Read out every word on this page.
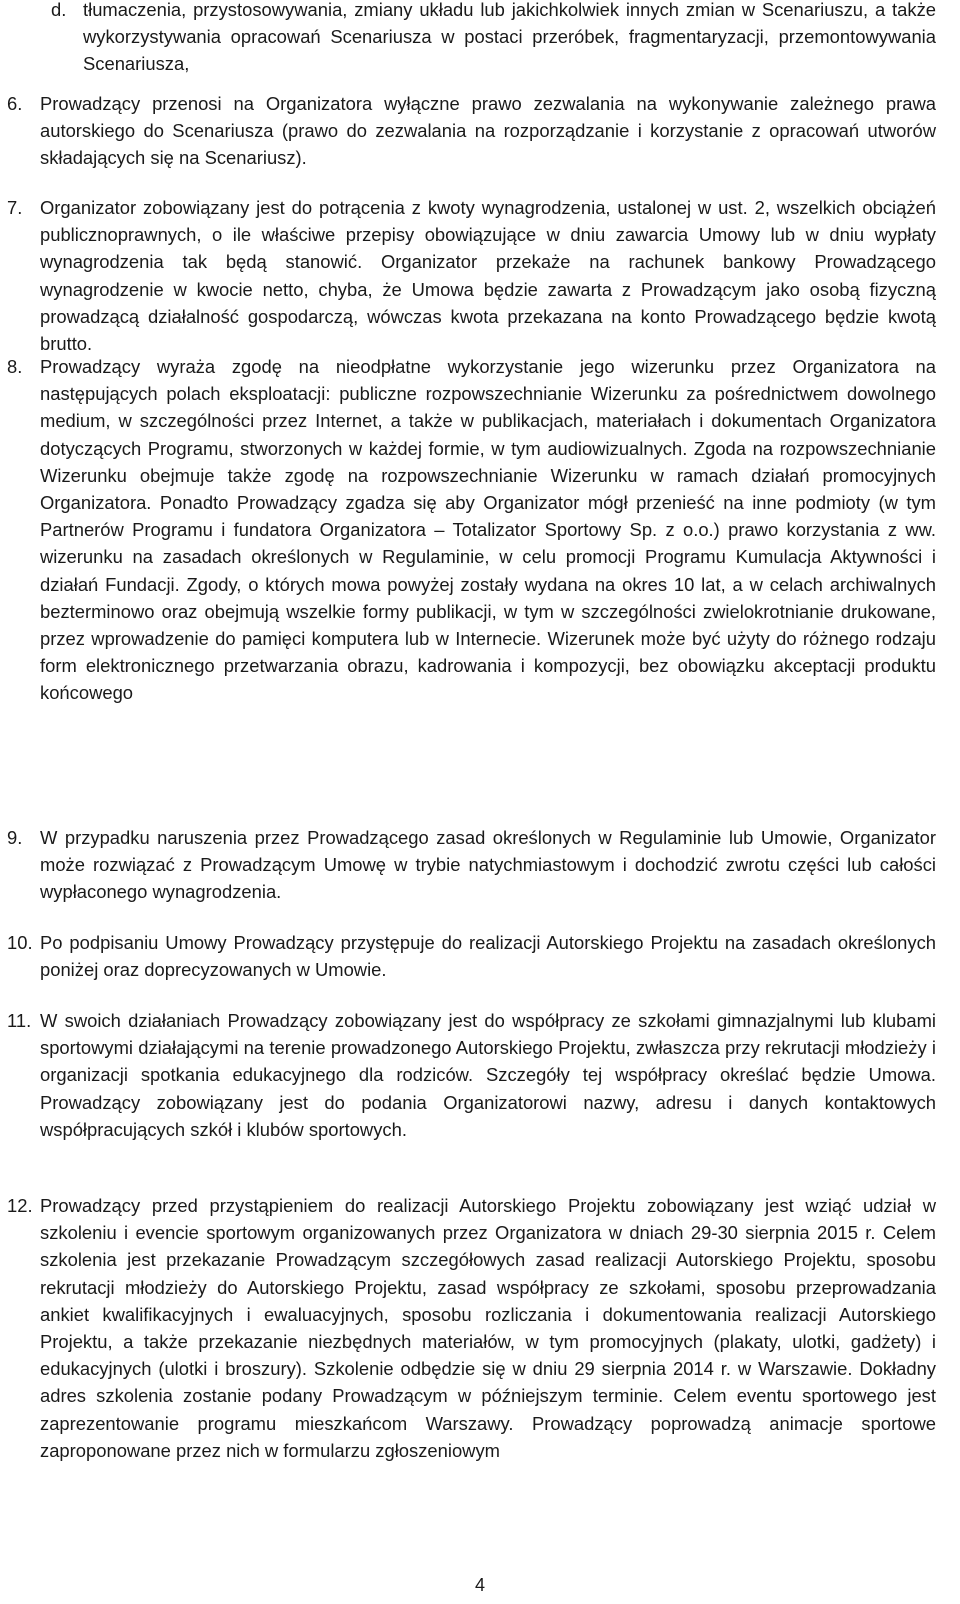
d. tłumaczenia, przystosowywania, zmiany układu lub jakichkolwiek innych zmian w Scenariuszu, a także wykorzystywania opracowań Scenariusza w postaci przeróbek, fragmentaryzacji, przemontowywania Scenariusza,
6. Prowadzący przenosi na Organizatora wyłączne prawo zezwalania na wykonywanie zależnego prawa autorskiego do Scenariusza (prawo do zezwalania na rozporządzanie i korzystanie z opracowań utworów składających się na Scenariusz).
7. Organizator zobowiązany jest do potrącenia z kwoty wynagrodzenia, ustalonej w ust. 2, wszelkich obciążeń publicznoprawnych, o ile właściwe przepisy obowiązujące w dniu zawarcia Umowy lub w dniu wypłaty wynagrodzenia tak będą stanowić. Organizator przekaże na rachunek bankowy Prowadzącego wynagrodzenie w kwocie netto, chyba, że Umowa będzie zawarta z Prowadzącym jako osobą fizyczną prowadzącą działalność gospodarczą, wówczas kwota przekazana na konto Prowadzącego będzie kwotą brutto.
8. Prowadzący wyraża zgodę na nieodpłatne wykorzystanie jego wizerunku przez Organizatora na następujących polach eksploatacji: publiczne rozpowszechnianie Wizerunku za pośrednictwem dowolnego medium, w szczególności przez Internet, a także w publikacjach, materiałach i dokumentach Organizatora dotyczących Programu, stworzonych w każdej formie, w tym audiowizualnych. Zgoda na rozpowszechnianie Wizerunku obejmuje także zgodę na rozpowszechnianie Wizerunku w ramach działań promocyjnych Organizatora. Ponadto Prowadzący zgadza się aby Organizator mógł przenieść na inne podmioty (w tym Partnerów Programu i fundatora Organizatora – Totalizator Sportowy Sp. z o.o.) prawo korzystania z ww. wizerunku na zasadach określonych w Regulaminie, w celu promocji Programu Kumulacja Aktywności i działań Fundacji. Zgody, o których mowa powyżej zostały wydana na okres 10 lat, a w celach archiwalnych bezterminowo oraz obejmują wszelkie formy publikacji, w tym w szczególności zwielokrotnianie drukowane, przez wprowadzenie do pamięci komputera lub w Internecie. Wizerunek może być użyty do różnego rodzaju form elektronicznego przetwarzania obrazu, kadrowania i kompozycji, bez obowiązku akceptacji produktu końcowego
9. W przypadku naruszenia przez Prowadzącego zasad określonych w Regulaminie lub Umowie, Organizator może rozwiązać z Prowadzącym Umowę w trybie natychmiastowym i dochodzić zwrotu części lub całości wypłaconego wynagrodzenia.
10. Po podpisaniu Umowy Prowadzący przystępuje do realizacji Autorskiego Projektu na zasadach określonych poniżej oraz doprecyzowanych w Umowie.
11. W swoich działaniach Prowadzący zobowiązany jest do współpracy ze szkołami gimnazjalnymi lub klubami sportowymi działającymi na terenie prowadzonego Autorskiego Projektu, zwłaszcza przy rekrutacji młodzieży i organizacji spotkania edukacyjnego dla rodziców. Szczegóły tej współpracy określać będzie Umowa. Prowadzący zobowiązany jest do podania Organizatorowi nazwy, adresu i danych kontaktowych współpracujących szkół i klubów sportowych.
12. Prowadzący przed przystąpieniem do realizacji Autorskiego Projektu zobowiązany jest wziąć udział w szkoleniu i evencie sportowym organizowanych przez Organizatora w dniach 29-30 sierpnia 2015 r. Celem szkolenia jest przekazanie Prowadzącym szczegółowych zasad realizacji Autorskiego Projektu, sposobu rekrutacji młodzieży do Autorskiego Projektu, zasad współpracy ze szkołami, sposobu przeprowadzania ankiet kwalifikacyjnych i ewaluacyjnych, sposobu rozliczania i dokumentowania realizacji Autorskiego Projektu, a także przekazanie niezbędnych materiałów, w tym promocyjnych (plakaty, ulotki, gadżety) i edukacyjnych (ulotki i broszury). Szkolenie odbędzie się w dniu 29 sierpnia 2014 r. w Warszawie. Dokładny adres szkolenia zostanie podany Prowadzącym w późniejszym terminie. Celem eventu sportowego jest zaprezentowanie programu mieszkańcom Warszawy. Prowadzący poprowadzą animacje sportowe zaproponowane przez nich w formularzu zgłoszeniowym
4
